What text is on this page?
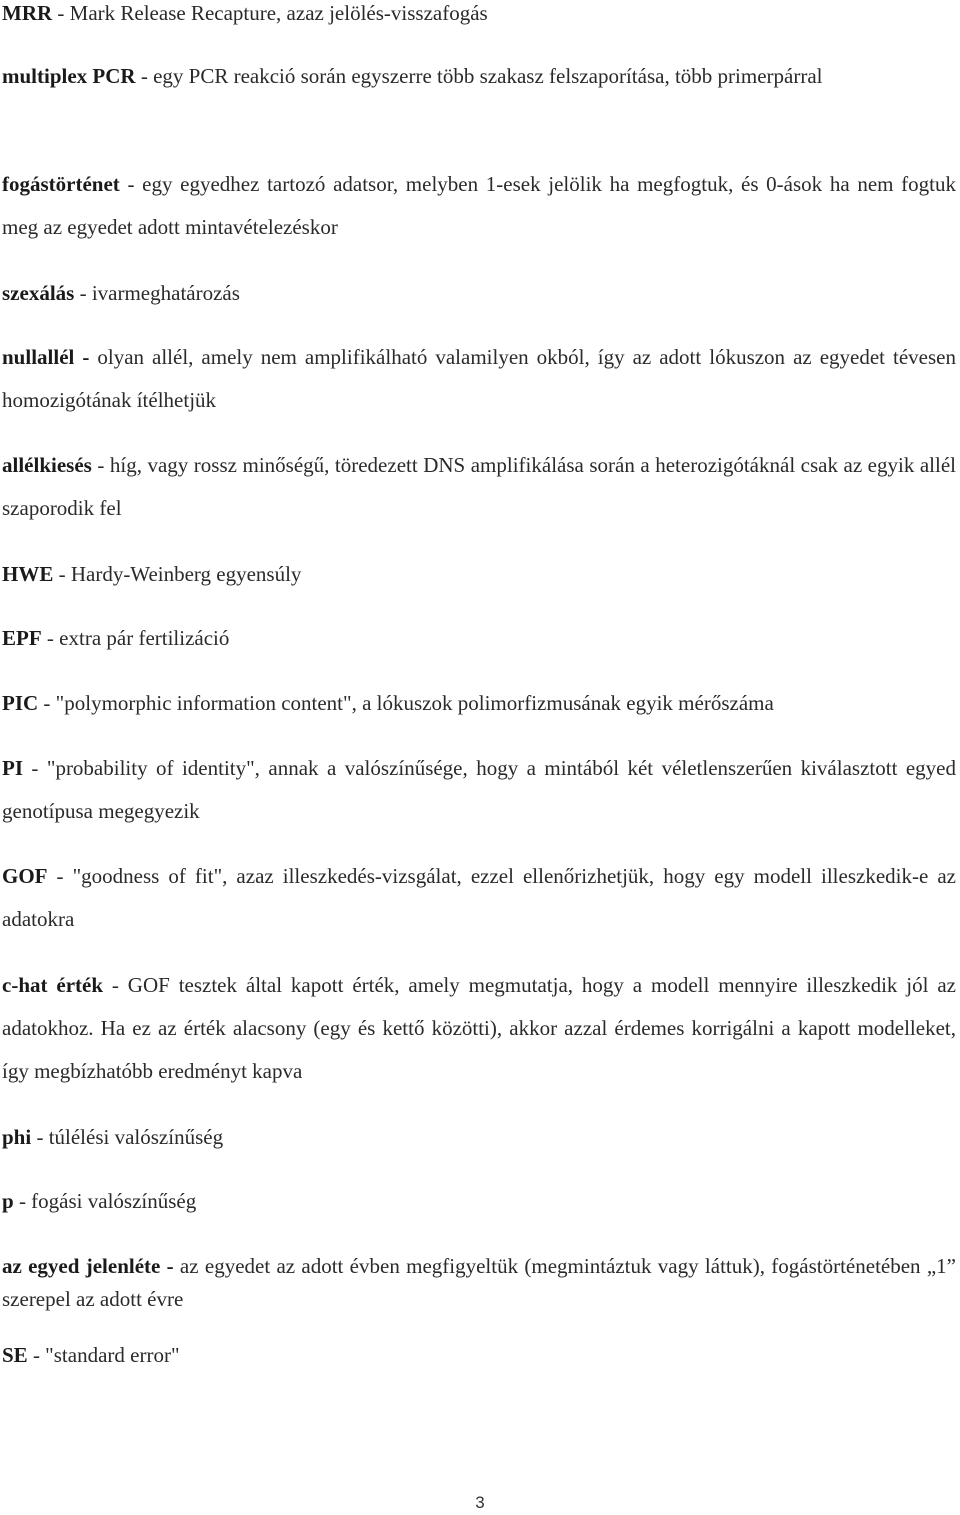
MRR - Mark Release Recapture, azaz jelölés-visszafogás

multiplex PCR - egy PCR reakció során egyszerre több szakasz felszaporítása, több primerpárral

fogástörténet - egy egyedhez tartozó adatsor, melyben 1-esek jelölik ha megfogtuk, és 0-ások ha nem fogtuk meg az egyedet adott mintavételezéskor

szexálás - ivarmeghatározás

nullallél - olyan allél, amely nem amplifikálható valamilyen okból, így az adott lókuszon az egyedet tévesen homozigótának ítélhetjük

allélkiesés - híg, vagy rossz minőségű, töredezett DNS amplifikálása során a heterozigótáknál csak az egyik allél szaporodik fel

HWE - Hardy-Weinberg egyensúly

EPF - extra pár fertilizáció

PIC - "polymorphic information content", a lókuszok polimorfizmusának egyik mérőszáma

PI - "probability of identity", annak a valószínűsége, hogy a mintából két véletlenszerűen kiválasztott egyed genotípusa megegyezik

GOF - "goodness of fit", azaz illeszkedés-vizsgálat, ezzel ellenőrizhetjük, hogy egy modell illeszkedik-e az adatokra

c-hat érték - GOF tesztek által kapott érték, amely megmutatja, hogy a modell mennyire illeszkedik jól az adatokhoz. Ha ez az érték alacsony (egy és kettő közötti), akkor azzal érdemes korrigálni a kapott modelleket, így megbízhatóbb eredményt kapva

phi - túlélési valószínűség

p - fogási valószínűség

az egyed jelenléte - az egyedet az adott évben megfigyeltük (megmintáztuk vagy láttuk), fogástörténetében „1” szerepel az adott évre

SE - "standard error"

3
